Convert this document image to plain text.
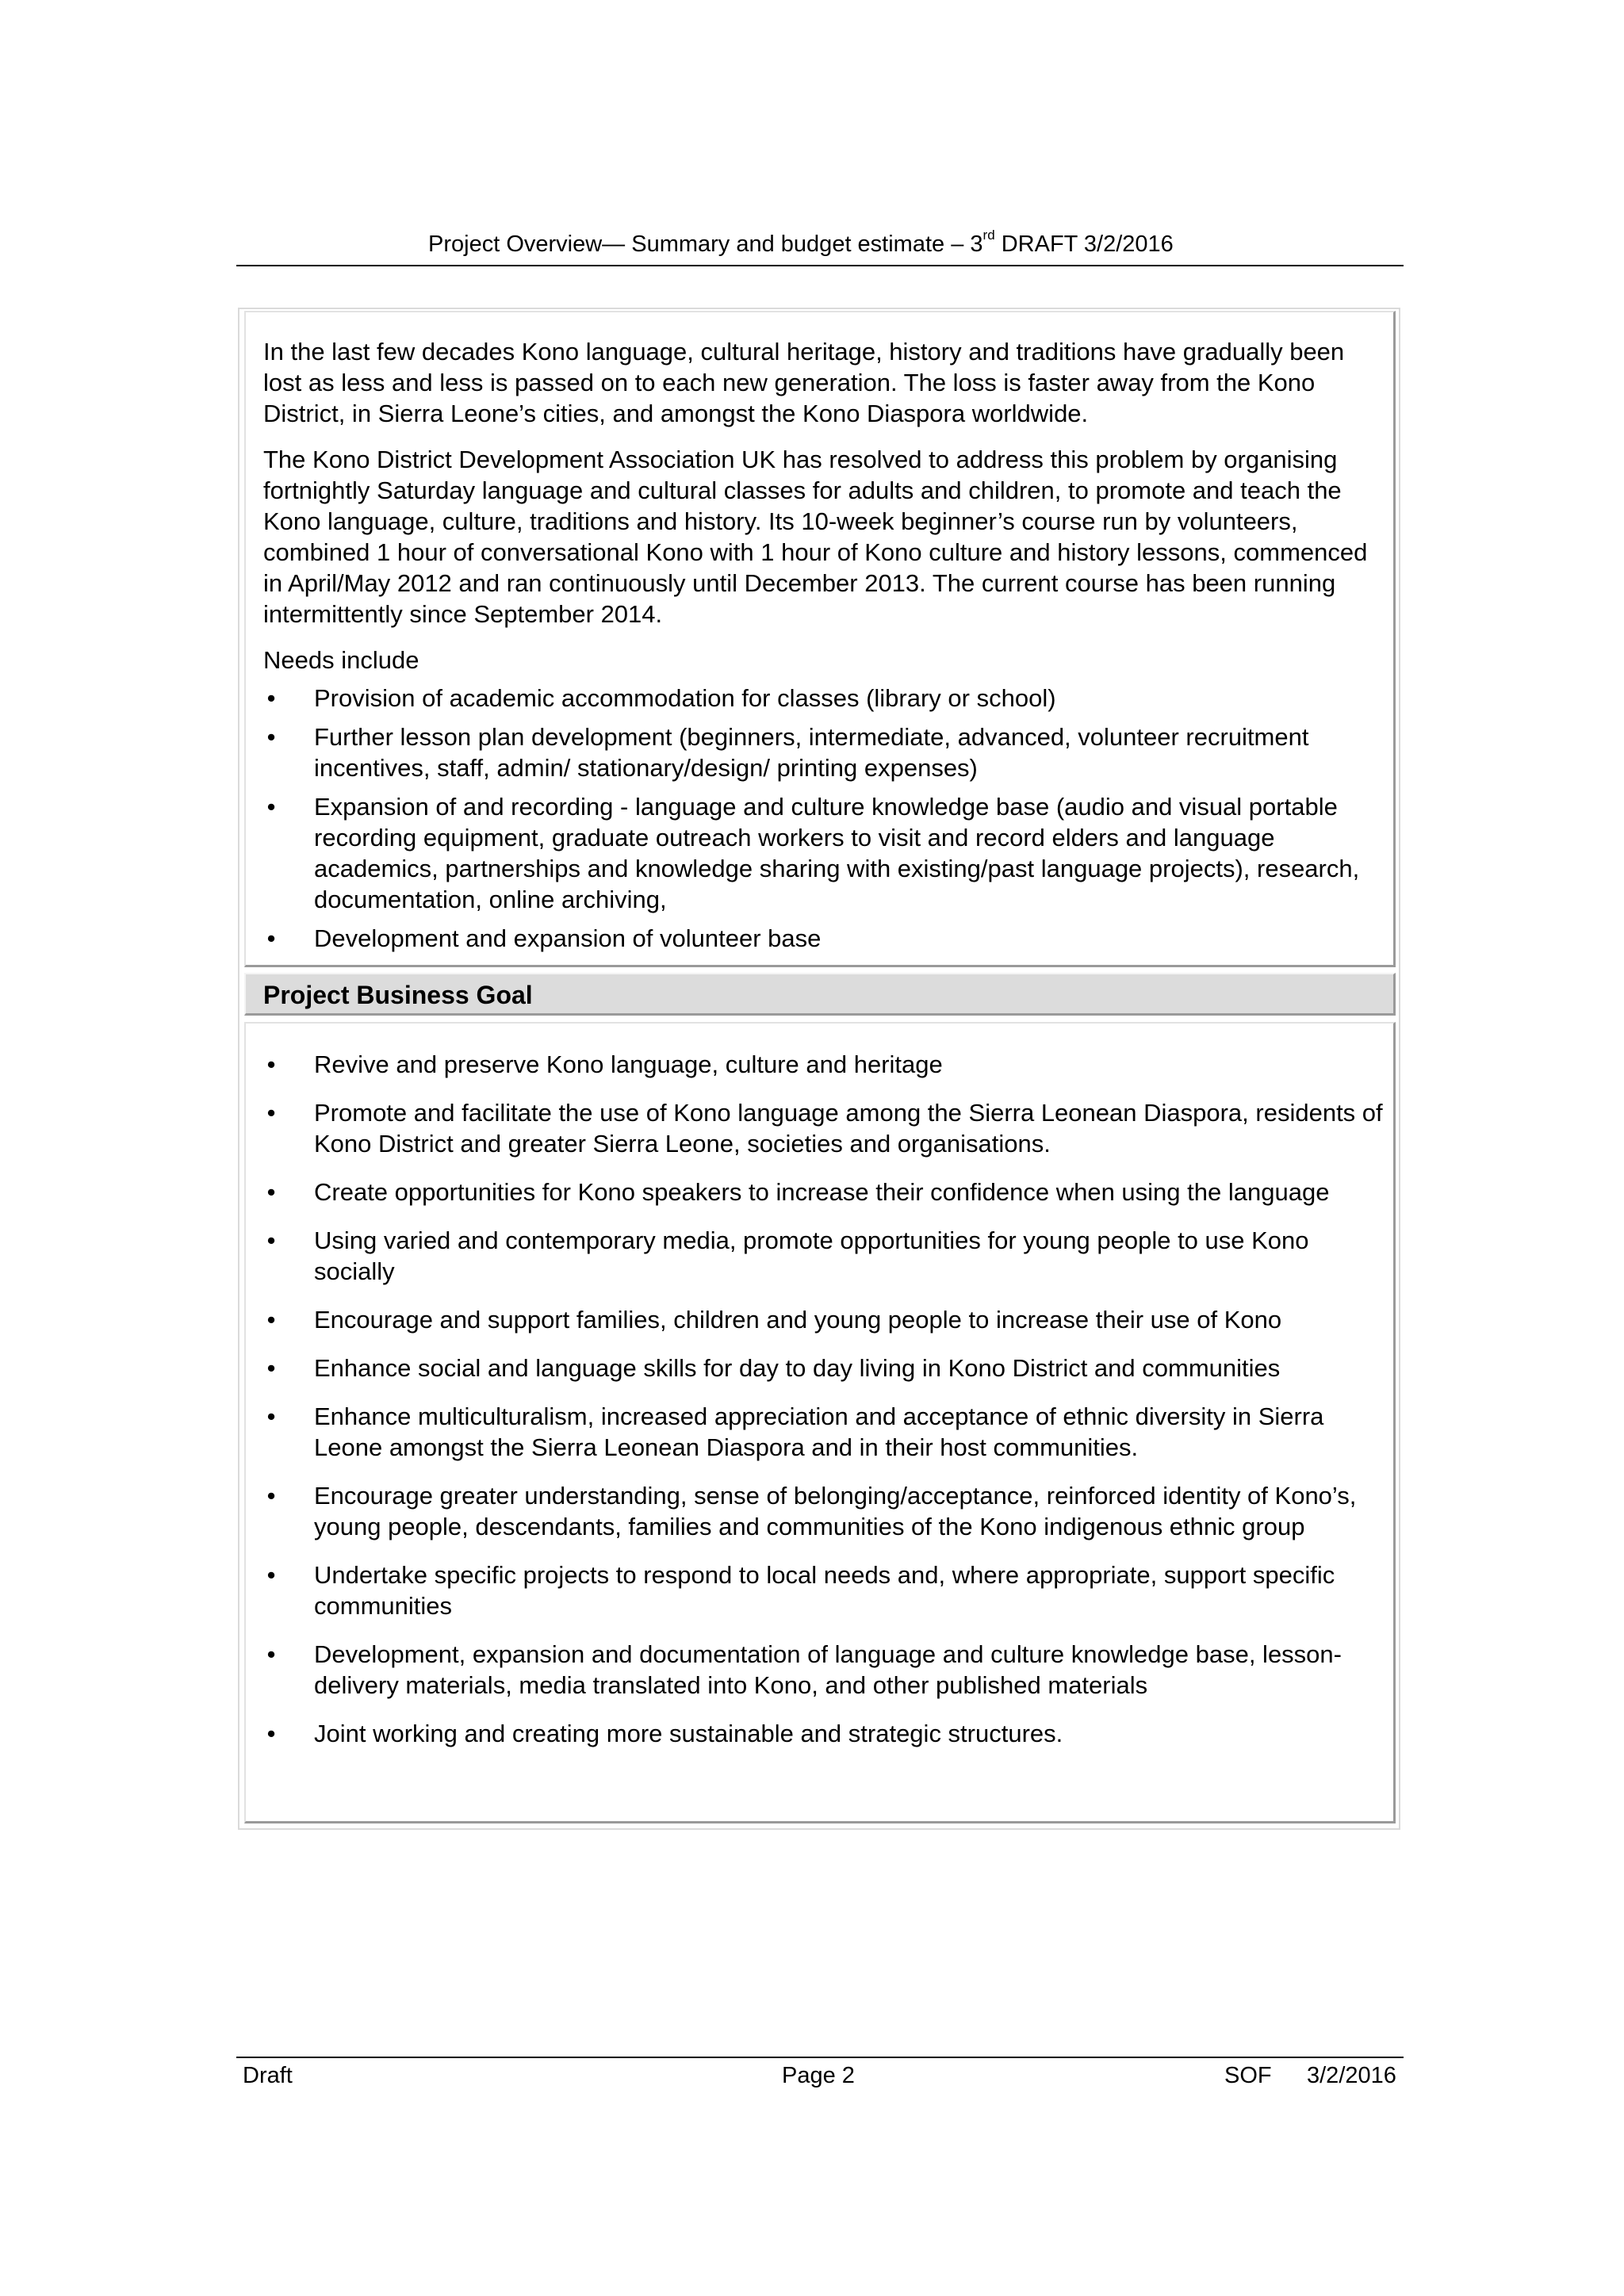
Project Overview— Summary and budget estimate – 3rd DRAFT 3/2/2016
In the last few decades Kono language, cultural heritage, history and traditions have gradually been lost as less and less is passed on to each new generation. The loss is faster away from the Kono District, in Sierra Leone’s cities, and amongst the Kono Diaspora worldwide.
The Kono District Development Association UK has resolved to address this problem by organising fortnightly Saturday language and cultural classes for adults and children, to promote and teach the Kono language, culture, traditions and history. Its 10-week beginner’s course run by volunteers, combined 1 hour of conversational Kono with 1 hour of Kono culture and history lessons, commenced in April/May 2012 and ran continuously until December 2013. The current course has been running intermittently since September 2014.
Needs include
• Provision of academic accommodation for classes (library or school)
• Further lesson plan development (beginners, intermediate, advanced, volunteer recruitment incentives, staff, admin/ stationary/design/ printing expenses)
• Expansion of and recording - language and culture knowledge base (audio and visual portable recording equipment, graduate outreach workers to visit and record elders and language academics, partnerships and knowledge sharing with existing/past language projects), research, documentation, online archiving,
• Development and expansion of volunteer base
Project Business Goal
• Revive and preserve Kono language, culture and heritage
• Promote and facilitate the use of Kono language among the Sierra Leonean Diaspora, residents of Kono District and greater Sierra Leone, societies and organisations.
• Create opportunities for Kono speakers to increase their confidence when using the language
• Using varied and contemporary media, promote opportunities for young people to use Kono socially
• Encourage and support families, children and young people to increase their use of Kono
• Enhance social and language skills for day to day living in Kono District and communities
• Enhance multiculturalism, increased appreciation and acceptance of ethnic diversity in Sierra Leone amongst the Sierra Leonean Diaspora and in their host communities.
• Encourage greater understanding, sense of belonging/acceptance, reinforced identity of Kono’s, young people, descendants, families and communities of the Kono indigenous ethnic group
• Undertake specific projects to respond to local needs and, where appropriate, support specific communities
• Development, expansion and documentation of language and culture knowledge base, lesson-delivery materials, media translated into Kono, and other published materials
• Joint working and creating more sustainable and strategic structures.
Draft	Page 2	SOF 3/2/2016
